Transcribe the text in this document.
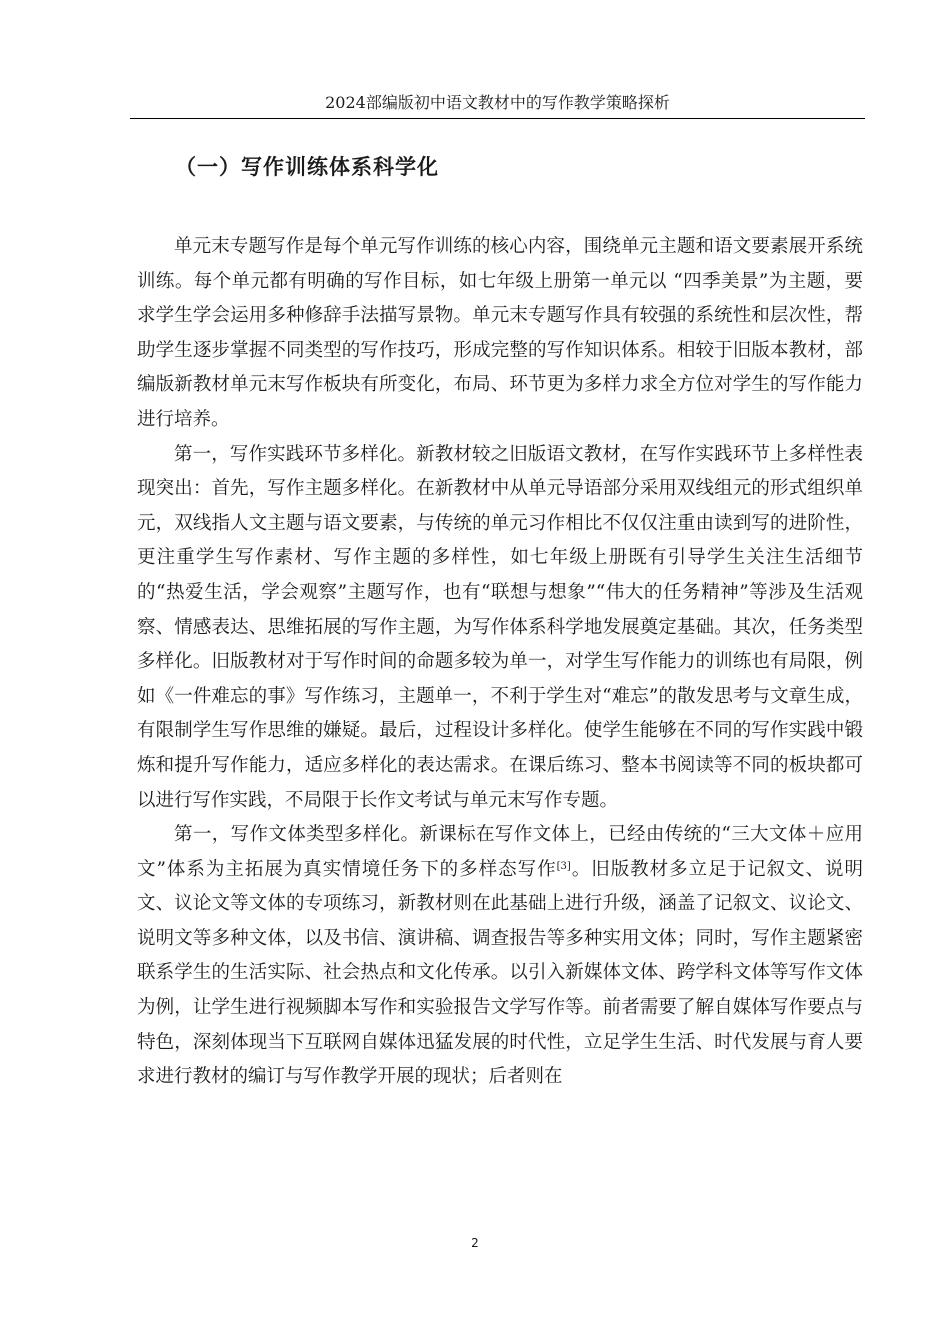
2024部编版初中语文教材中的写作教学策略探析
（一）写作训练体系科学化

单元末专题写作是每个单元写作训练的核心内容，围绕单元主题和语文要素展开系统训练。每个单元都有明确的写作目标，如七年级上册第一单元以 “四季美景”为主题，要求学生学会运用多种修辞手法描写景物。单元末专题写作具有较强的系统性和层次性，帮助学生逐步掌握不同类型的写作技巧，形成完整的写作知识体系。相较于旧版本教材，部编版新教材单元末写作板块有所变化，布局、环节更为多样力求全方位对学生的写作能力进行培养。

第一，写作实践环节多样化。新教材较之旧版语文教材，在写作实践环节上多样性表现突出：首先，写作主题多样化。在新教材中从单元导语部分采用双线组元的形式组织单元，双线指人文主题与语文要素，与传统的单元习作相比不仅仅注重由读到写的进阶性，更注重学生写作素材、写作主题的多样性，如七年级上册既有引导学生关注生活细节的“热爱生活，学会观察”主题写作，也有“联想与想象”“伟大的任务精神”等涉及生活观察、情感表达、思维拓展的写作主题，为写作体系科学地发展奠定基础。其次，任务类型多样化。旧版教材对于写作时间的命题多较为单一，对学生写作能力的训练也有局限，例如《一件难忘的事》写作练习，主题单一，不利于学生对“难忘”的散发思考与文章生成，有限制学生写作思维的嫌疑。最后，过程设计多样化。使学生能够在不同的写作实践中锻炼和提升写作能力，适应多样化的表达需求。在课后练习、整本书阅读等不同的板块都可以进行写作实践，不局限于长作文考试与单元末写作专题。

第一，写作文体类型多样化。新课标在写作文体上，已经由传统的“三大文体＋应用文”体系为主拓展为真实情境任务下的多样态写作[3]。旧版教材多立足于记叙文、说明文、议论文等文体的专项练习，新教材则在此基础上进行升级，涵盖了记叙文、议论文、说明文等多种文体，以及书信、演讲稿、调查报告等多种实用文体；同时，写作主题紧密联系学生的生活实际、社会热点和文化传承。以引入新媒体文体、跨学科文体等写作文体为例，让学生进行视频脚本写作和实验报告文学写作等。前者需要了解自媒体写作要点与特色，深刻体现当下互联网自媒体迅猛发展的时代性，立足学生生活、时代发展与育人要求进行教材的编订与写作教学开展的现状；后者则在

2
